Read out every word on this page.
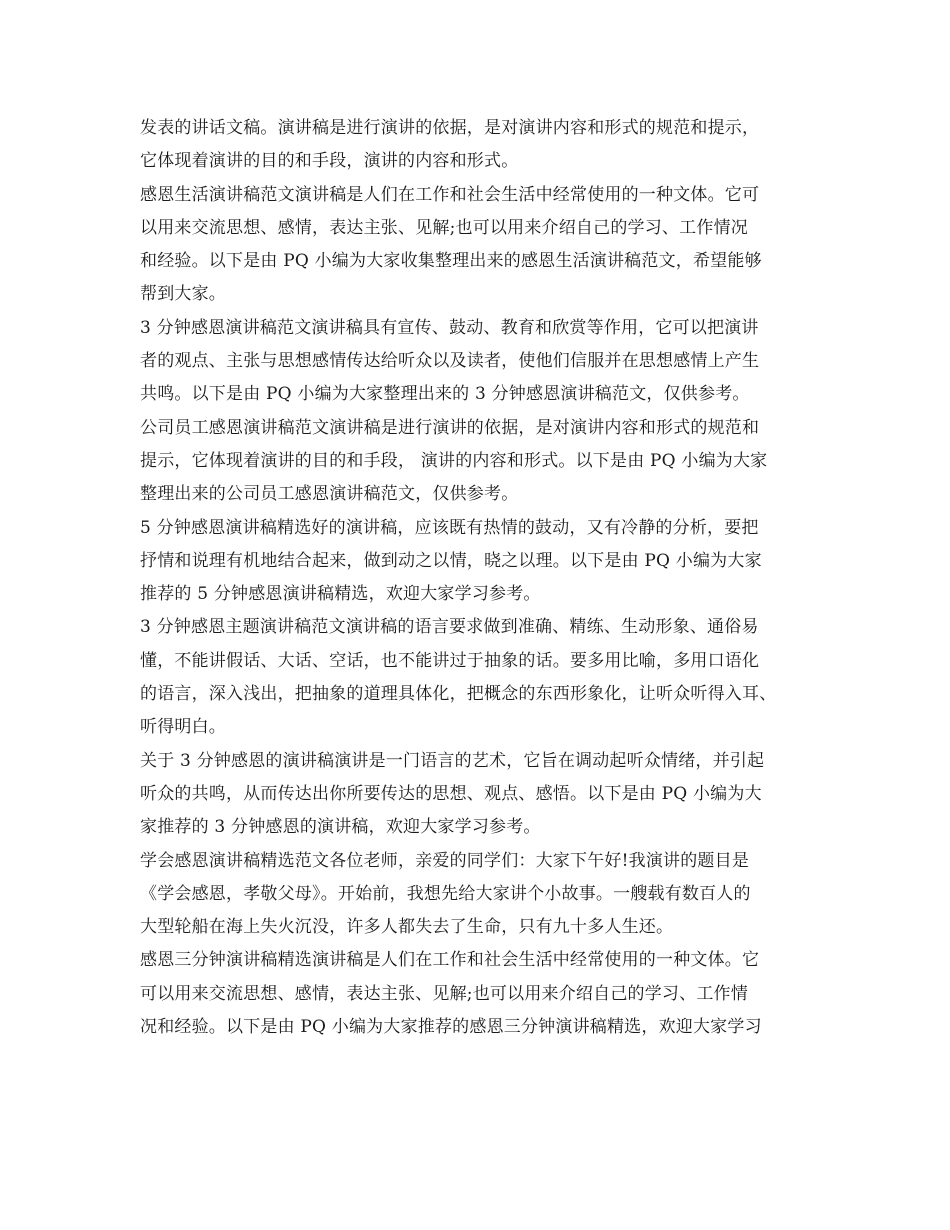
发表的讲话文稿。演讲稿是进行演讲的依据，是对演讲内容和形式的规范和提示，
它体现着演讲的目的和手段，演讲的内容和形式。
感恩生活演讲稿范文演讲稿是人们在工作和社会生活中经常使用的一种文体。它可
以用来交流思想、感情，表达主张、见解;也可以用来介绍自己的学习、工作情况
和经验。以下是由 PQ 小编为大家收集整理出来的感恩生活演讲稿范文，希望能够
帮到大家。
3 分钟感恩演讲稿范文演讲稿具有宣传、鼓动、教育和欣赏等作用，它可以把演讲
者的观点、主张与思想感情传达给听众以及读者，使他们信服并在思想感情上产生
共鸣。以下是由 PQ 小编为大家整理出来的 3 分钟感恩演讲稿范文，仅供参考。
公司员工感恩演讲稿范文演讲稿是进行演讲的依据，是对演讲内容和形式的规范和
提示，它体现着演讲的目的和手段， 演讲的内容和形式。以下是由 PQ 小编为大家
整理出来的公司员工感恩演讲稿范文，仅供参考。
5 分钟感恩演讲稿精选好的演讲稿，应该既有热情的鼓动，又有冷静的分析，要把
抒情和说理有机地结合起来，做到动之以情，晓之以理。以下是由 PQ 小编为大家
推荐的 5 分钟感恩演讲稿精选，欢迎大家学习参考。
3 分钟感恩主题演讲稿范文演讲稿的语言要求做到准确、精练、生动形象、通俗易
懂，不能讲假话、大话、空话，也不能讲过于抽象的话。要多用比喻，多用口语化
的语言，深入浅出，把抽象的道理具体化，把概念的东西形象化，让听众听得入耳、
听得明白。
关于 3 分钟感恩的演讲稿演讲是一门语言的艺术，它旨在调动起听众情绪，并引起
听众的共鸣，从而传达出你所要传达的思想、观点、感悟。以下是由 PQ 小编为大
家推荐的 3 分钟感恩的演讲稿，欢迎大家学习参考。
学会感恩演讲稿精选范文各位老师，亲爱的同学们：大家下午好!我演讲的题目是
《学会感恩，孝敬父母》。开始前，我想先给大家讲个小故事。一艘载有数百人的
大型轮船在海上失火沉没，许多人都失去了生命，只有九十多人生还。
感恩三分钟演讲稿精选演讲稿是人们在工作和社会生活中经常使用的一种文体。它
可以用来交流思想、感情，表达主张、见解;也可以用来介绍自己的学习、工作情
况和经验。以下是由 PQ 小编为大家推荐的感恩三分钟演讲稿精选，欢迎大家学习
